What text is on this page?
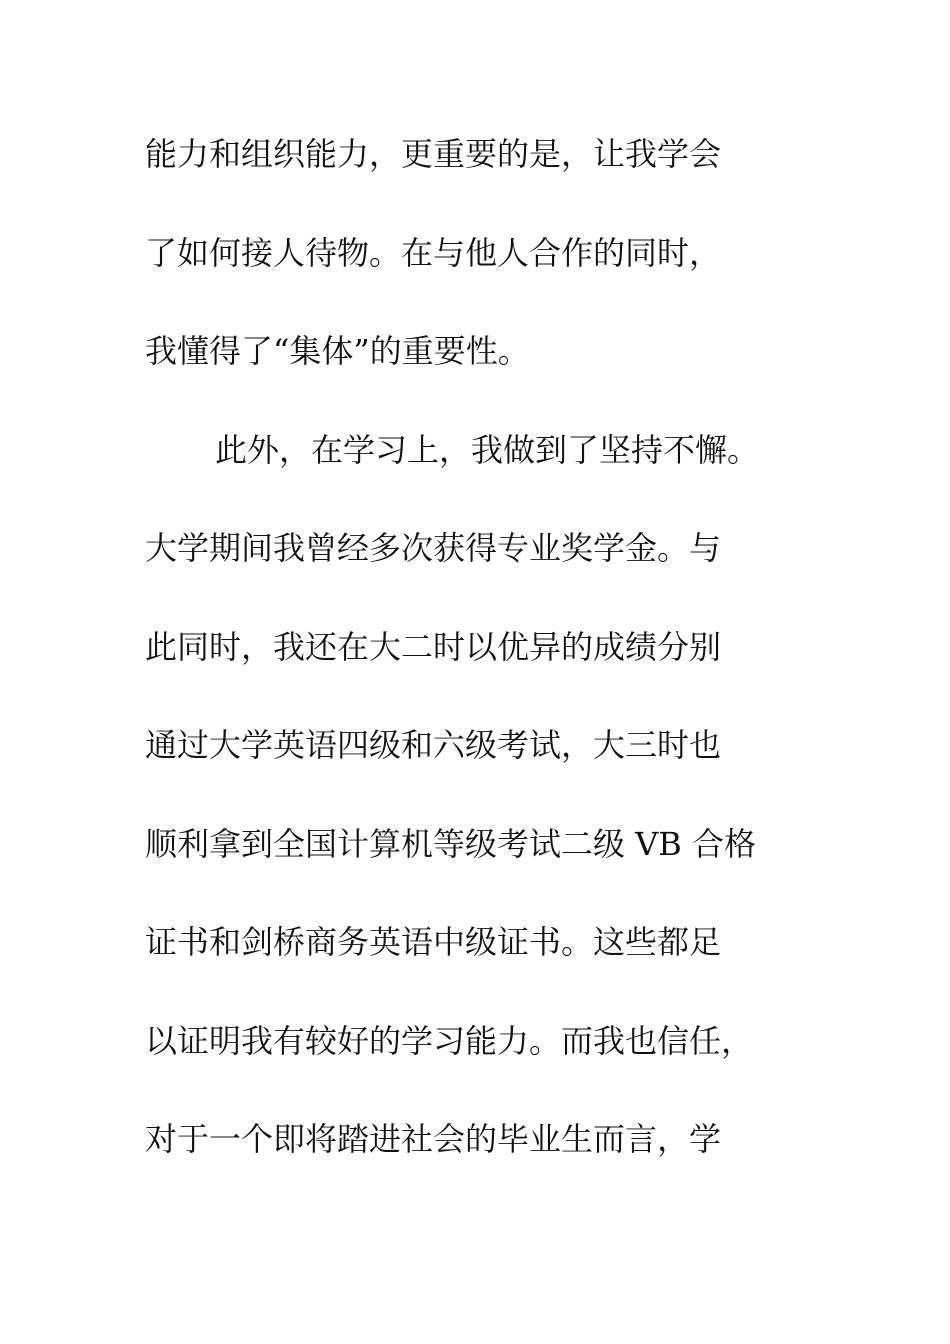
能力和组织能力，更重要的是，让我学会
了如何接人待物。在与他人合作的同时，
我懂得了“集体”的重要性。
此外，在学习上，我做到了坚持不懈。
大学期间我曾经多次获得专业奖学金。与
此同时，我还在大二时以优异的成绩分别
通过大学英语四级和六级考试，大三时也
顺利拿到全国计算机等级考试二级 VB 合格
证书和剑桥商务英语中级证书。这些都足
以证明我有较好的学习能力。而我也信任，
对于一个即将踏进社会的毕业生而言，学
